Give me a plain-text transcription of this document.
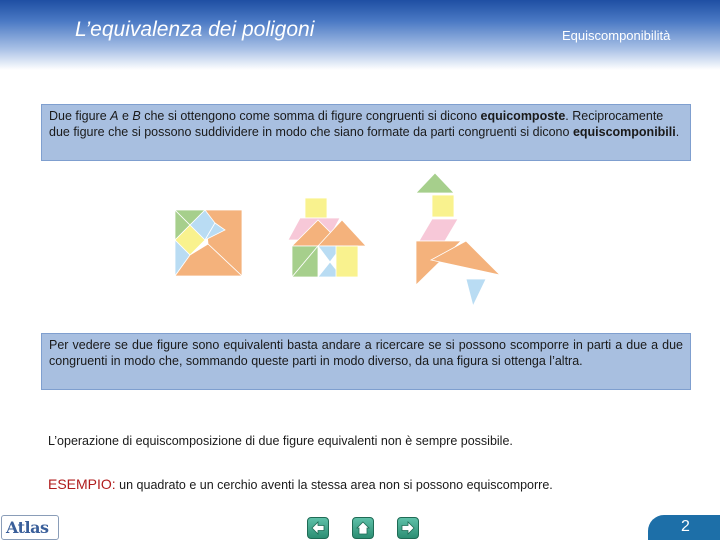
L’equivalenza dei poligoni	Equiscomponibilità
Due figure A e B che si ottengono come somma di figure congruenti si dicono equicomposte. Reciprocamente due figure che si possono suddividere in modo che siano formate da parti congruenti si dicono equiscomponibili.
Per vedere se due figure sono equivalenti basta andare a ricercare se si possono scomporre in parti a due a due congruenti in modo che, sommando queste parti in modo diverso, da una figura si ottenga l’altra.
L’operazione di equiscomposizione di due figure equivalenti non è sempre possibile.
ESEMPIO: un quadrato e un cerchio aventi la stessa area non si possono equiscomporre.
Atlas	2
